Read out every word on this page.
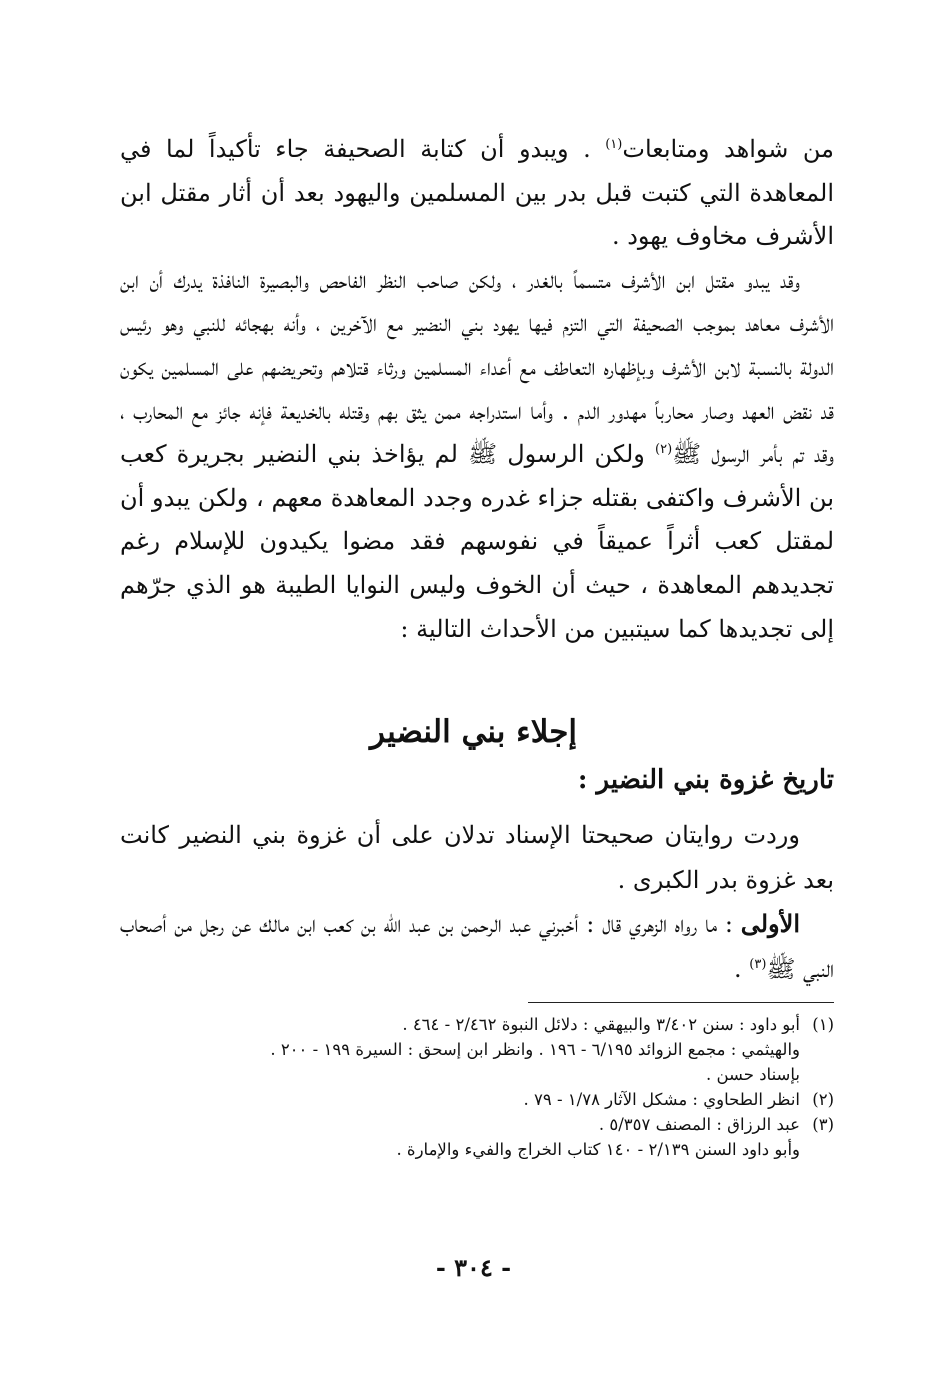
من شواهد ومتابعات$^{(١)}$ . ويبدو أن كتابة الصحيفة جاء تأكيداً لما في المعاهدة التي كتبت قبل بدر بين المسلمين واليهود بعد أن أثار مقتل ابن الأشرف مخاوف يهود .

وقد يبدو مقتل ابن الأشرف متسماً بالغدر ، ولكن صاحب النظر الفاحص والبصيرة النافذة يدرك أن ابن الأشرف معاهد بموجب الصحيفة التي التزم فيها يهود بني النضير مع الآخرين ، وأنه بهجائه للنبي وهو رئيس الدولة بالنسبة لابن الأشرف وبإظهاره التعاطف مع أعداء المسلمين ورثاء قتلاهم وتحريضهم على المسلمين يكون قد نقض العهد وصار محارباً مهدور الدم . وأما استدراجه ممن يثق بهم وقتله بالخديعة فإنه جائز مع المحارب ، وقد تم بأمر الرسول ﷺ$^{(٢)}$ ولكن الرسول ﷺ لم يؤاخذ بني النضير بجريرة كعب بن الأشرف واكتفى بقتله جزاء غدره وجدد المعاهدة معهم ، ولكن يبدو أن لمقتل كعب أثراً عميقاً في نفوسهم فقد مضوا يكيدون للإسلام رغم تجديدهم المعاهدة ، حيث أن الخوف وليس النوايا الطيبة هو الذي جرّهم إلى تجديدها كما سيتبين من الأحداث التالية :

إجلاء بني النضير
تاريخ غزوة بني النضير :

وردت روايتان صحيحتا الإسناد تدلان على أن غزوة بني النضير كانت بعد غزوة بدر الكبرى .

الأولى : ما رواه الزهري قال : أخبرني عبد الرحمن بن عبد الله بن كعب ابن مالك عن رجل من أصحاب النبي ﷺ$^{(٣)}$ .

(١)أبو داود : سنن ٣/٤٠٢ والبيهقي : دلائل النبوة ٢/٤٦٢ - ٤٦٤ .

والهيثمي : مجمع الزوائد ٦/١٩٥ - ١٩٦ . وانظر ابن إسحق : السيرة ١٩٩ - ٢٠٠ .

بإسناد حسن .

(٢)انظر الطحاوي : مشكل الآثار ١/٧٨ - ٧٩ .

(٣)عبد الرزاق : المصنف ٥/٣٥٧ .

وأبو داود السنن ٢/١٣٩ - ١٤٠ كتاب الخراج والفيء والإمارة .

- ٣٠٤ -
